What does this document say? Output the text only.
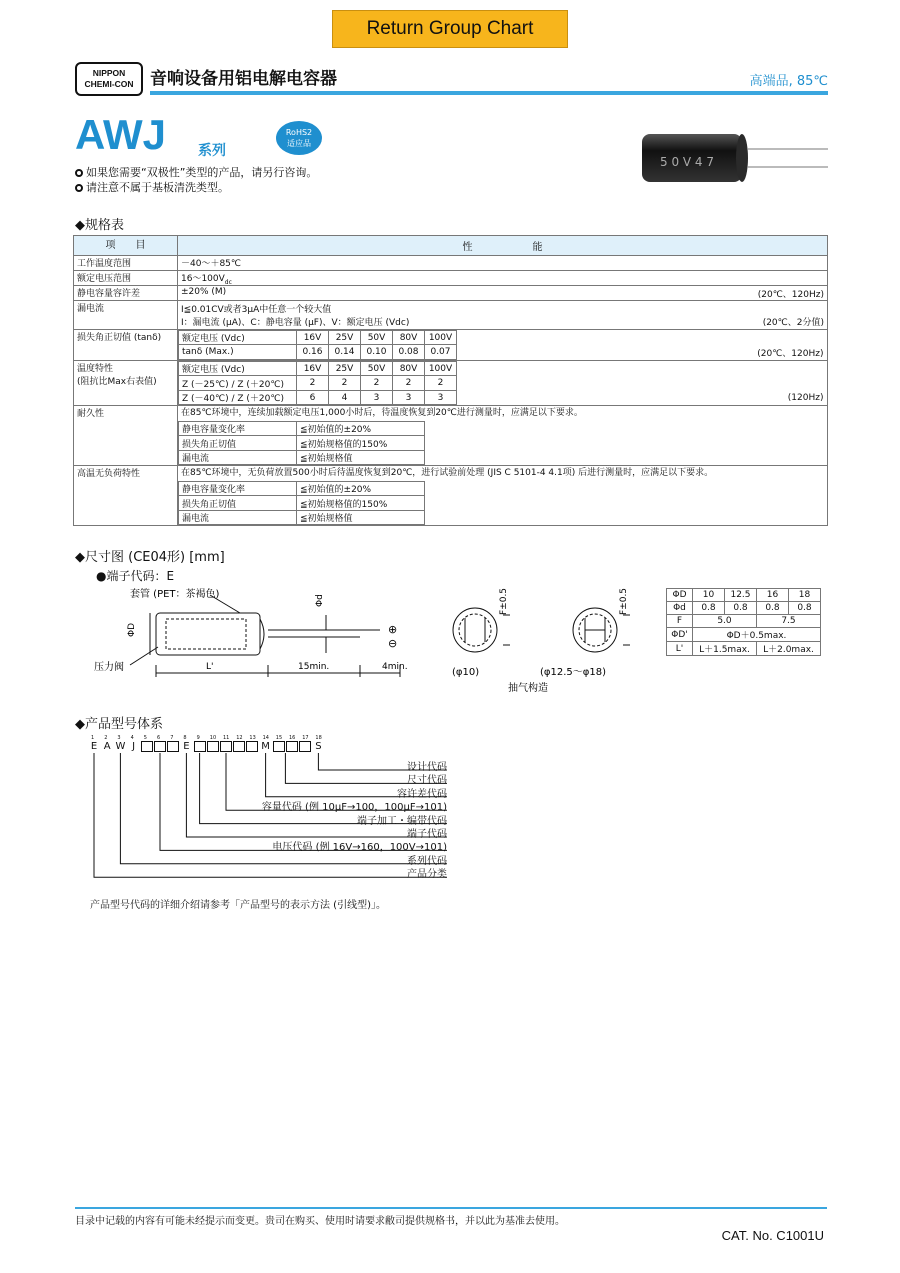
Return Group Chart
NIPPON
CHEMI-CON 音响设备用铝电解电容器	高端品, 85℃
AWJ 系列
RoHS2
适应品
如果您需要“双极性”类型的产品，请另行咨询。
请注意不属于基板清洗类型。
5 0 V 4 7
◆规格表
项　　目	性　　　　　　能
工作温度范围	－40～＋85℃
额定电压范围	$16\sim 100V_{dc}$
静电容量容许差	±20% (M)	(20℃、120Hz)

漏电流	I≦0.01CV或者3μA中任意一个较大值
I：漏电流 (μA)、C：静电容量 (μF)、V：额定电压 (Vdc)	(20℃、2分值)

损失角正切值 (tanδ)	额定电压 (Vdc)	16V	25V	50V	80V	100V	
tanδ (Max.)	0.16	0.14	0.10	0.08	0.07	(20℃、120Hz)

温度特性
(阻抗比Max右表值)

额定电压 (Vdc)	16V	25V	50V	80V	100V	
Z (－25℃) / Z (＋20℃)	2	2	2	2	2	
Z (－40℃) / Z (＋20℃)	6	4	3	3	3	(120Hz)

耐久性	在85℃环境中，连续加载额定电压1,000小时后，待温度恢复到20℃进行测量时，应满足以下要求。
静电容量变化率	≦初始值的±20%
损失角正切值	≦初始规格值的150%
漏电流	≦初始规格值

高温无负荷特性	在85℃环境中，无负荷放置500小时后待温度恢复到20℃，进行试验前处理 (JIS C 5101-4 4.1项) 后进行测量时，应满足以下要求。
静电容量变化率	≦初始值的±20%
损失角正切值	≦初始规格值的150%
漏电流	≦初始规格值
◆尺寸图 (CE04形) [mm]
●端子代码：E
套管 (PET：茶褐色)
压力阀
ΦD
Φd
L'	15min.	4min.
⊕
⊖
F±0.5	F±0.5
(φ10)	(φ12.5～φ18)
抽气构造
ΦD	10	12.5	16	18
Φd	0.8	0.8	0.8	0.8
F	5.0		7.5	
ΦD'	ΦD＋0.5max.			
L'	L＋1.5max.		L＋2.0max.	
◆产品型号体系
1
E
2
A
3
W
4
J
5 6 7 8
E
9 10 11 12 13 14
M
15 16 17 18
S
设计代码
尺寸代码
容许差代码
容量代码 (例 10μF→100，100μF→101)
端子加工・编带代码
端子代码
电压代码 (例 16V→160，100V→101)
系列代码
产品分类
产品型号代码的详细介绍请参考「产品型号的表示方法 (引线型)」。
目录中记载的内容有可能未经提示而变更。贵司在购买、使用时请要求敝司提供规格书，并以此为基准去使用。
CAT. No. C1001U
